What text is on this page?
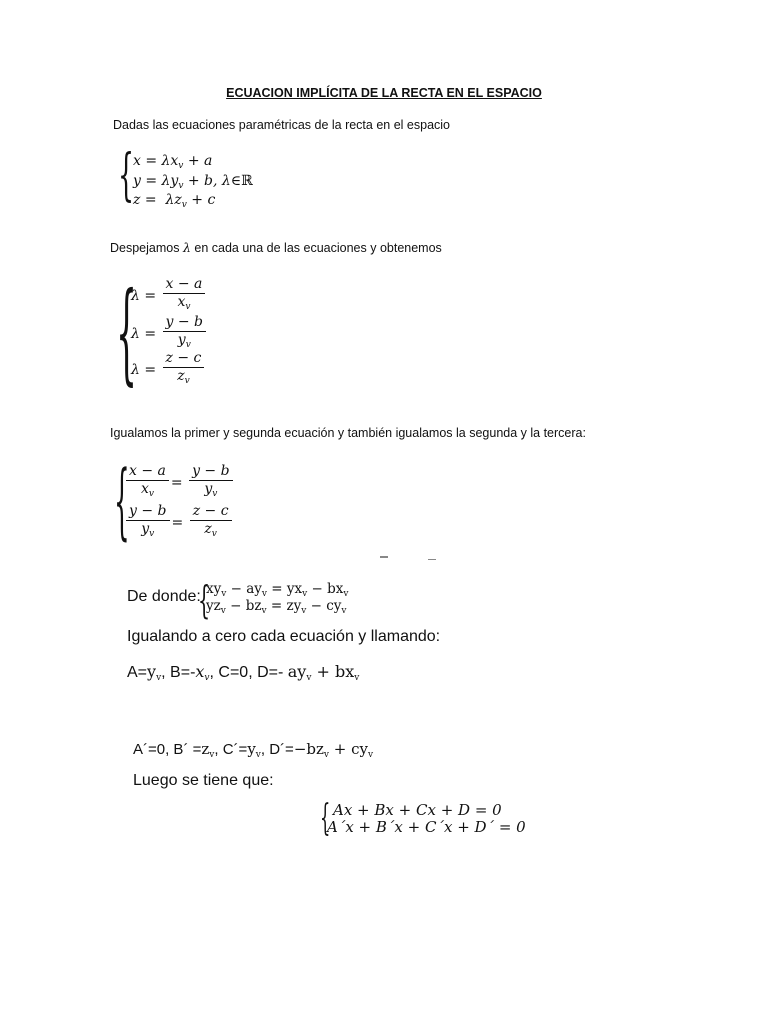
ECUACION IMPLÍCITA DE LA RECTA EN EL ESPACIO
Dadas las ecuaciones paramétricas de la recta en el espacio
{
$x = \lambda x_v + a$
$y = \lambda y_v + b$, λ∈ℝ
$z = \lambda z_v + c$
Despejamos λ en cada una de las ecuaciones y obtenemos
{
$\lambda = \frac{x - a}{x_v}$
$\lambda = \frac{y - b}{y_v}$
$\lambda = \frac{z - c}{z_v}$
Igualamos la primer y segunda ecuación y también igualamos la segunda y la tercera:
{
$\frac{x - a}{x_v} = \frac{y - b}{y_v}$
$\frac{y - b}{y_v} = \frac{z - c}{z_v}$
De donde:
{
$xy_v - ay_v = yx_v - bx_v$
$yz_v - bz_v = zy_v - cy_v$
Igualando a cero cada ecuación y llamando:
$A=y_v$, $B=-x_v$, C=0, D=- $ay_v + bx_v$
A´=0, B´ $=z_v$, $C´=y_v$, $D´=-bz_v + cy_v$
Luego se tiene que:
{ Ax + Bx + Cx + D = 0
A´x + B´x + C´x + D´ = 0
